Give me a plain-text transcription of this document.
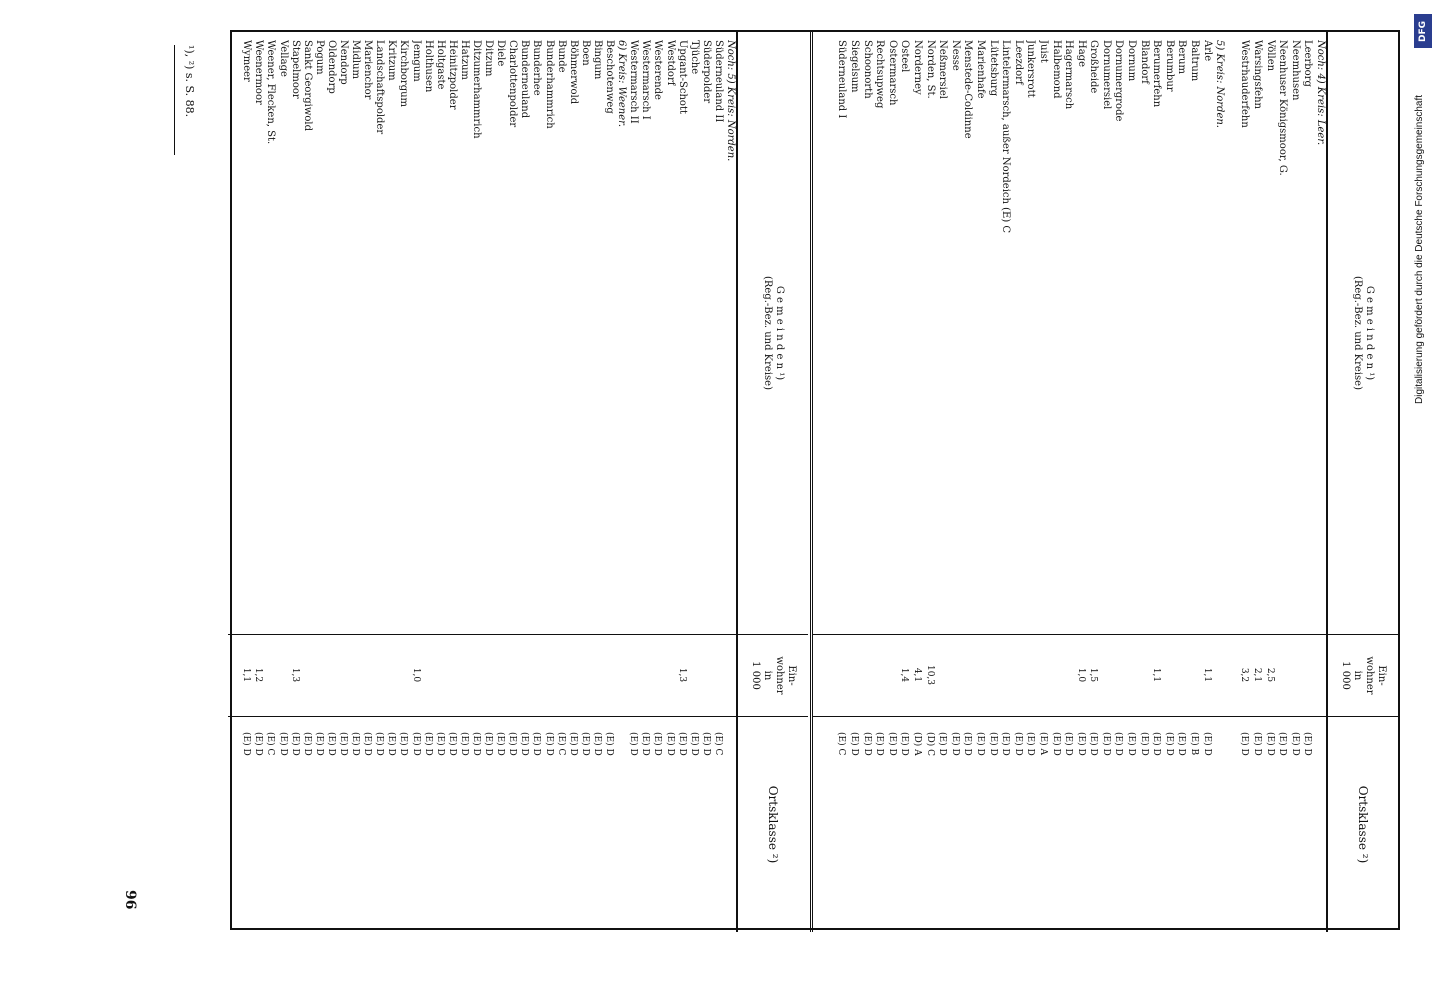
DFG
Digitalisierung gefördert durch die Deutsche Forschungsgemeinschaft
G e m e i n d e n ¹)
(Reg.-Bez. und Kreise)
Ein-
wohner
in
1 000
Ortsklasse ²)
Noch: 4) Kreis: Leer.
Leerborg
(E) D
Neemhusen
(E) D
Neenhuser Königsmoor, G.
(E) D
Völlen
2,5
(E) D
Warsingsfehn
2,1
(E) D
Westrhauderfehn
3,2
(E) D
5) Kreis: Norden.
Arle
1,1
(E) D
Baltrum
(E) B
Berum
(E) D
Berumbur
(E) D
Berumerfehn
1,1
(E) D
Blandorf
(E) D
Dornum
(E) D
Dornumergrode
(E) D
Dornumersiel
(E) D
Großheide
1,5
(E) D
Hage
1,0
(E) D
Hagermarsch
(E) D
Halbemond
(E) D
Juist
(E) A
Junkersrott
(E) D
Leezdorf
(E) D
Lintelermarsch, außer Nordeich (E) C
(E) D
Lütetsburg
(E) D
Marienhafe
(E) D
Menstede-Coldinne
(E) D
Nesse
(E) D
Neßmersiel
(E) D
Norden, St.
10,3
(D) C
Norderney
4,1
(D) A
Osteel
1,4
(E) D
Ostermarsch
(E) D
Rechtsupweg
(E) D
Schoonorth
(E) D
Siegelsum
(E) D
Süderneuland I
(E) C
G e m e i n d e n ¹)
(Reg.-Bez. und Kreise)
Ein-
wohner
in
1 000
Ortsklasse ²)
Noch: 5) Kreis: Norden.
Süderneuland II
(E) C
Süderpolder
(E) D
Tjüche
(E) D
Upgant-Schott
1,3
(E) D
Westdorf
(E) D
Westerende
(E) D
Westermarsch I
(E) D
Westermarsch II
(E) D
6) Kreis: Weener.
Beschotenweg
(E) D
Bingum
(E) D
Boen
(E) D
Böhmerwold
(E) D
Bunde
(E) C
Bunderhammrich
(E) D
Bunderhee
(E) D
Bunderneuland
(E) D
Charlottenpolder
(E) D
Diele
(E) D
Ditzum
(E) D
Ditzumerhammrich
(E) D
Hatzum
(E) D
Heinitzpolder
(E) D
Holtgaste
(E) D
Holthusen
(E) D
Jemgum
1,0
(E) D
Kirchborgum
(E) D
Kritzum
(E) D
Landschaftspolder
(E) D
Marienchor
(E) D
Midlum
(E) D
Nendorp
(E) D
Oldendorp
(E) D
Pogum
(E) D
Sankt Georgiwold
(E) D
Stapelmoor
1,3
(E) D
Vellage
(E) D
Weener, Flecken, St.
(E) C
Weenermoor
1,2
(E) D
Wymeer
1,1
(E) D
¹), ²) s. S. 88.
96
